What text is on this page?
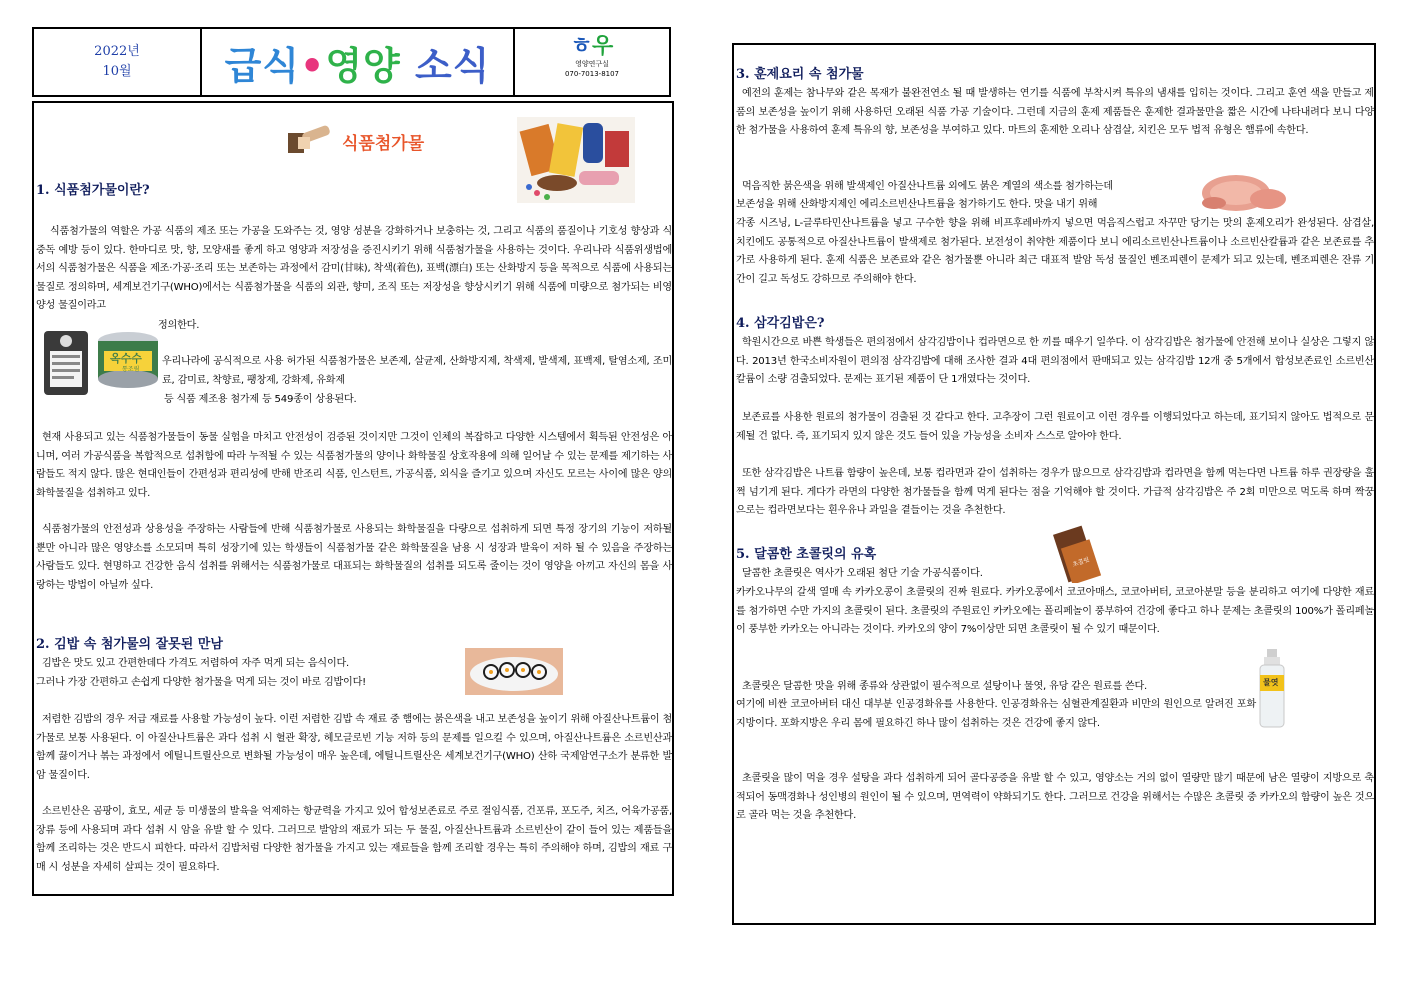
2022년
10월 급식•영양 소식	ㅎ우
영양연구실
070-7013-8107
식품첨가물
1. 식품첨가물이란?

식품첨가물의 역할은 가공 식품의 제조 또는 가공을 도와주는 것, 영양 성분을 강화하거나 보충하는 것, 그리고 식품의 품질이나 기호성 향상과 식중독 예방 등이 있다. 한마디로 맛, 향, 모양새를 좋게 하고 영양과 저장성을 증진시키기 위해 식품첨가물을 사용하는 것이다. 우리나라 식품위생법에서의 식품첨가물은 식품을 제조·가공·조리 또는 보존하는 과정에서 감미(甘味), 착색(着色), 표백(漂白) 또는 산화방지 등을 목적으로 식품에 사용되는 물질로 정의하며, 세계보건기구(WHO)에서는 식품첨가물을 식품의 외관, 향미, 조직 또는 저장성을 향상시키기 위해 식품에 미량으로 첨가되는 비영양성 물질이라고

정의한다.

옥수수
통조림

우리나라에 공식적으로 사용 허가된 식품첨가물은 보존제, 살균제, 산화방지제, 착색제, 발색제, 표백제, 탈염소제, 조미료, 감미료, 착향료, 팽창제, 강화제, 유화제

등 식품 제조용 첨가제 등 549종이 상용된다.

현재 사용되고 있는 식품첨가물들이 동물 실험을 마치고 안전성이 검증된 것이지만 그것이 인체의 복잡하고 다양한 시스템에서 획득된 안전성은 아니며, 여러 가공식품을 복합적으로 섭취함에 따라 누적될 수 있는 식품첨가물의 양이나 화학물질 상호작용에 의해 일어날 수 있는 문제를 제기하는 사람들도 적지 않다. 많은 현대인들이 간편성과 편리성에 반해 반조리 식품, 인스턴트, 가공식품, 외식을 즐기고 있으며 자신도 모르는 사이에 많은 양의 화학물질을 섭취하고 있다.

식품첨가물의 안전성과 상용성을 주장하는 사람들에 반해 식품첨가물로 사용되는 화학물질을 다량으로 섭취하게 되면 특정 장기의 기능이 저하될 뿐만 아니라 많은 영양소를 소모되며 특히 성장기에 있는 학생들이 식품첨가물 같은 화학물질을 남용 시 성장과 발육이 저하 될 수 있음을 주장하는 사람들도 있다. 현명하고 건강한 음식 섭취를 위해서는 식품첨가물로 대표되는 화학물질의 섭취를 되도록 줄이는 것이 영양을 아끼고 자신의 몸을 사랑하는 방법이 아닐까 싶다.

2. 김밥 속 첨가물의 잘못된 만남

김밥은 맛도 있고 간편한데다 가격도 저렴하여 자주 먹게 되는 음식이다.

그러나 가장 간편하고 손쉽게 다양한 첨가물을 먹게 되는 것이 바로 김밥이다!

저렴한 김밥의 경우 저급 재료를 사용할 가능성이 높다. 이런 저렴한 김밥 속 재료 중 햄에는 붉은색을 내고 보존성을 높이기 위해 아질산나트륨이 첨가물로 보통 사용된다. 이 아질산나트륨은 과다 섭취 시 혈관 확장, 헤모글로빈 기능 저하 등의 문제를 일으킬 수 있으며, 아질산나트륨은 소르빈산과 함께 끓이거나 볶는 과정에서 에틸니트릴산으로 변화될 가능성이 매우 높은데, 에틸니트릴산은 세계보건기구(WHO) 산하 국제암연구소가 분류한 발암 물질이다.

소르빈산은 곰팡이, 효모, 세균 등 미생물의 발육을 억제하는 항균력을 가지고 있어 합성보존료로 주로 절임식품, 건포류, 포도주, 치즈, 어육가공품, 장류 등에 사용되며 과다 섭취 시 암을 유발 할 수 있다. 그러므로 발암의 재료가 되는 두 물질, 아질산나트륨과 소르빈산이 같이 들어 있는 제품들을 함께 조리하는 것은 반드시 피한다. 따라서 김밥처럼 다양한 첨가물을 가지고 있는 재료들을 함께 조리할 경우는 특히 주의해야 하며, 김밥의 재료 구매 시 성분을 자세히 살피는 것이 필요하다.

3. 훈제요리 속 첨가물

예전의 훈제는 참나무와 같은 목재가 불완전연소 될 때 발생하는 연기를 식품에 부착시켜 특유의 냄새를 입히는 것이다. 그리고 훈연 색을 만들고 제품의 보존성을 높이기 위해 사용하던 오래된 식품 가공 기술이다. 그런데 지금의 훈제 제품들은 훈제한 결과물만을 짧은 시간에 나타내려다 보니 다양한 첨가물을 사용하여 훈제 특유의 향, 보존성을 부여하고 있다. 마트의 훈제한 오리나 삼겹살, 치킨은 모두 법적 유형은 햄류에 속한다.

먹음직한 붉은색을 위해 발색제인 아질산나트륨 외에도 붉은 계열의 색소를 첨가하는데

보존성을 위해 산화방지제인 에리소르빈산나트륨을 첨가하기도 한다. 맛을 내기 위해

각종 시즈닝, L-글루타민산나트륨을 넣고 구수한 향을 위해 비프후레바까지 넣으면 먹음직스럽고 자꾸만 당기는 맛의 훈제오리가 완성된다. 삼겹살, 치킨에도 공통적으로 아질산나트륨이 발색제로 첨가된다. 보전성이 취약한 제품이다 보니 에리소르빈산나트륨이나 소르빈산칼륨과 같은 보존료를 추가로 사용하게 된다. 훈제 식품은 보존료와 같은 첨가물뿐 아니라 최근 대표적 발암 독성 물질인 벤조피렌이 문제가 되고 있는데, 벤조피렌은 잔류 기간이 길고 독성도 강하므로 주의해야 한다.

4. 삼각김밥은?

학원시간으로 바쁜 학생들은 편의점에서 삼각김밥이나 컵라면으로 한 끼를 때우기 일쑤다. 이 삼각김밥은 첨가물에 안전해 보이나 실상은 그렇지 않다. 2013년 한국소비자원이 편의점 삼각김밥에 대해 조사한 결과 4대 편의점에서 판매되고 있는 삼각김밥 12개 중 5개에서 합성보존료인 소르빈산칼륨이 소량 검출되었다. 문제는 표기된 제품이 단 1개였다는 것이다.

보존료를 사용한 원료의 첨가물이 검출된 것 같다고 한다. 고추장이 그런 원료이고 이런 경우를 이행되었다고 하는데, 표기되지 않아도 법적으로 문제될 건 없다. 즉, 표기되지 있지 않은 것도 들어 있을 가능성을 소비자 스스로 알아야 한다.

또한 삼각김밥은 나트륨 함량이 높은데, 보통 컵라면과 같이 섭취하는 경우가 많으므로 삼각김밥과 컵라면을 함께 먹는다면 나트륨 하루 권장량을 훌쩍 넘기게 된다. 게다가 라면의 다양한 첨가물들을 함께 먹게 된다는 점을 기억해야 할 것이다. 가급적 삼각김밥은 주 2회 미만으로 먹도록 하며 짝꿍으로는 컵라면보다는 흰우유나 과일을 곁들이는 것을 추천한다.

5. 달콤한 초콜릿의 유혹
초콜릿

달콤한 초콜릿은 역사가 오래된 첨단 기술 가공식품이다.

카카오나무의 갈색 열매 속 카카오콩이 초콜릿의 진짜 원료다. 카카오콩에서 코코아매스, 코코아버터, 코코아분말 등을 분리하고 여기에 다양한 재료를 첨가하면 수만 가지의 초콜릿이 된다. 초콜릿의 주원료인 카카오에는 폴리페놀이 풍부하여 건강에 좋다고 하나 문제는 초콜릿의 100%가 폴리페놀이 풍부한 카카오는 아니라는 것이다. 카카오의 양이 7%이상만 되면 초콜릿이 될 수 있기 때문이다.

초콜릿은 달콤한 맛을 위해 종류와 상관없이 필수적으로 설탕이나 물엿, 유당 같은 원료를 쓴다.

여기에 비싼 코코아버터 대신 대부분 인공경화유를 사용한다. 인공경화유는 심혈관계질환과 비만의 원인으로 알려진 포화지방이다. 포화지방은 우리 몸에 필요하긴 하나 많이 섭취하는 것은 건강에 좋지 않다.

물엿

초콜릿을 많이 먹을 경우 설탕을 과다 섭취하게 되어 골다공증을 유발 할 수 있고, 영양소는 거의 없이 열량만 많기 때문에 남은 열량이 지방으로 축적되어 동맥경화나 성인병의 원인이 될 수 있으며, 면역력이 약화되기도 한다. 그러므로 건강을 위해서는 수많은 초콜릿 중 카카오의 함량이 높은 것으로 골라 먹는 것을 추천한다.
